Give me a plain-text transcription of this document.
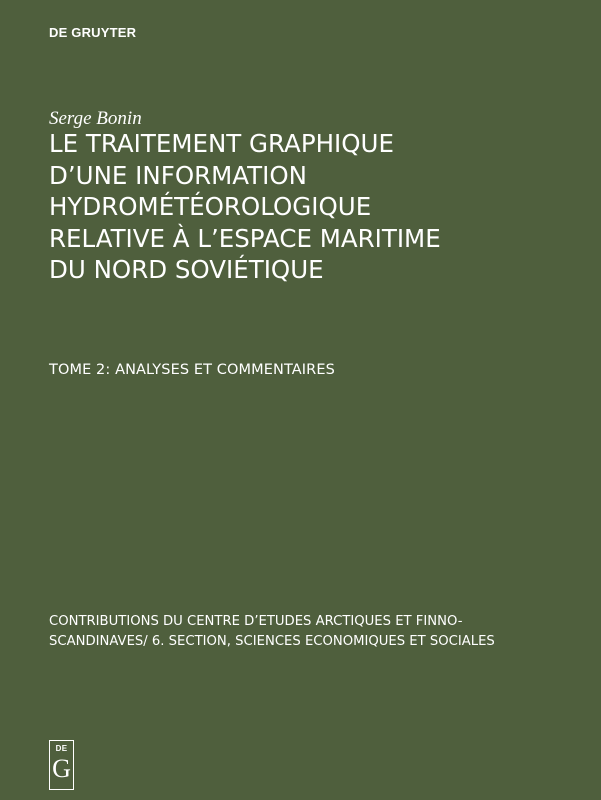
DE GRUYTER
Serge Bonin
LE TRAITEMENT GRAPHIQUE
D’UNE INFORMATION
HYDROMÉTÉOROLOGIQUE
RELATIVE À L’ESPACE MARITIME
DU NORD SOVIÉTIQUE
TOME 2: ANALYSES ET COMMENTAIRES
CONTRIBUTIONS DU CENTRE D’ETUDES ARCTIQUES ET FINNO-
SCANDINAVES/ 6. SECTION, SCIENCES ECONOMIQUES ET SOCIALES
DE
G
